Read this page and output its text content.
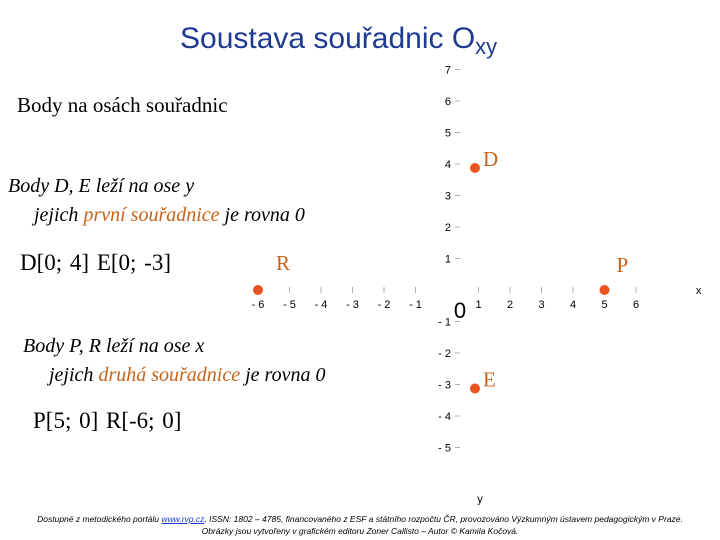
Soustava souřadnic $O_{xy}$
Body na osách souřadnic
Body D, E leží na ose y
jejich první souřadnice je rovna 0
D[0; 4] E[0; -3]
Body P, R leží na ose x
jejich druhá souřadnice je rovna 0
P[5; 0] R[-6; 0]
- 6 - 5 - 4 - 3 - 2 - 1	1 2 3 4 5 6
7
6
5
4
3
2
1
- 1
- 2
- 3
- 4
- 5
x
y
0
D
E
P
R
Dostupné z metodického portálu www.rvp.cz, ISSN: 1802 – 4785, financovaného z ESF a státního rozpočtu ČR, provozováno Výzkumným ústavem pedagogickým v Praze.
Obrázky jsou vytvořeny v grafickém editoru Zoner Callisto – Autor © Kamila Kočová.
